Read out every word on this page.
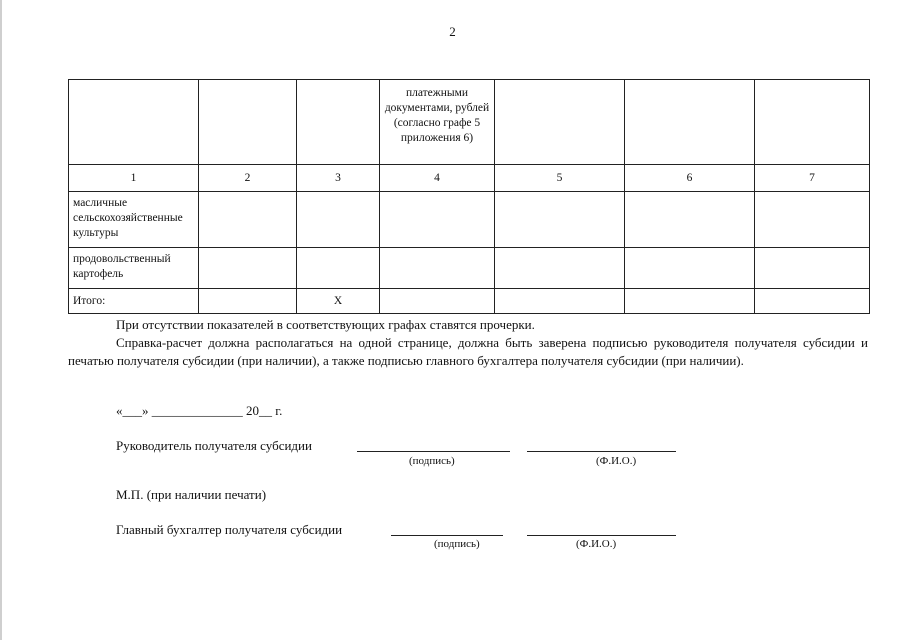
2
			платежными документами, рублей (согласно графе 5 приложения 6)			
1	2	3	4	5	6	7
масличные сельскохозяйственные культуры						
продовольственный картофель						
Итого:		X				
При отсутствии показателей в соответствующих графах ставятся прочерки.
Справка-расчет должна располагаться на одной странице, должна быть заверена подписью руководителя получателя субсидии и печатью получателя субсидии (при наличии), а также подписью главного бухгалтера получателя субсидии (при наличии).
«___» ______________ 20__ г.
Руководитель получателя субсидии
(подпись)	(Ф.И.О.)
М.П. (при наличии печати)
Главный бухгалтер получателя субсидии
(подпись)	(Ф.И.О.)
